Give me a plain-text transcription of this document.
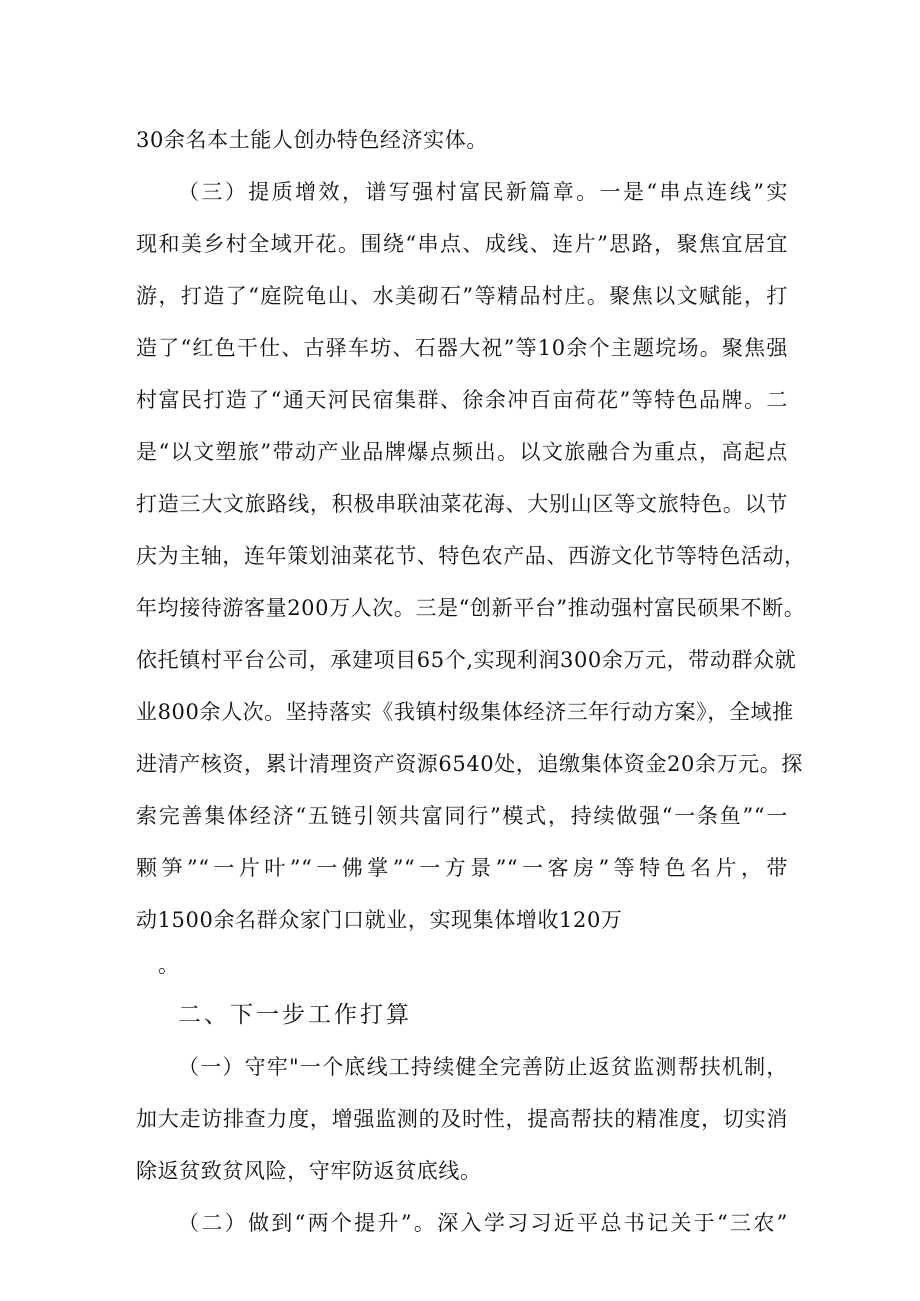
30余名本土能人创办特色经济实体。
（三）提质增效，谱写强村富民新篇章。一是“串点连线”实
现和美乡村全域开花。围绕“串点、成线、连片”思路，聚焦宜居宜
游，打造了“庭院龟山、水美砌石”等精品村庄。聚焦以文赋能，打
造了“红色干仕、古驿车坊、石器大祝”等10余个主题垸场。聚焦强
村富民打造了“通天河民宿集群、徐余冲百亩荷花”等特色品牌。二
是“以文塑旅”带动产业品牌爆点频出。以文旅融合为重点，高起点
打造三大文旅路线，积极串联油菜花海、大别山区等文旅特色。以节
庆为主轴，连年策划油菜花节、特色农产品、西游文化节等特色活动，
年均接待游客量200万人次。三是“创新平台”推动强村富民硕果不断。
依托镇村平台公司，承建项目65个,实现利润300余万元，带动群众就
业800余人次。坚持落实《我镇村级集体经济三年行动方案》，全域推
进清产核资，累计清理资产资源6540处，追缴集体资金20余万元。探
索完善集体经济“五链引领共富同行”模式，持续做强“一条鱼”“一
颗笋”“一片叶”“一佛掌”“一方景”“一客房”等特色名片，带
动1500余名群众家门口就业，实现集体增收120万
。
二、下一步工作打算
（一）守牢"一个底线工持续健全完善防止返贫监测帮扶机制，
加大走访排查力度，增强监测的及时性，提高帮扶的精准度，切实消
除返贫致贫风险，守牢防返贫底线。
（二）做到“两个提升”。深入学习习近平总书记关于“三农”
